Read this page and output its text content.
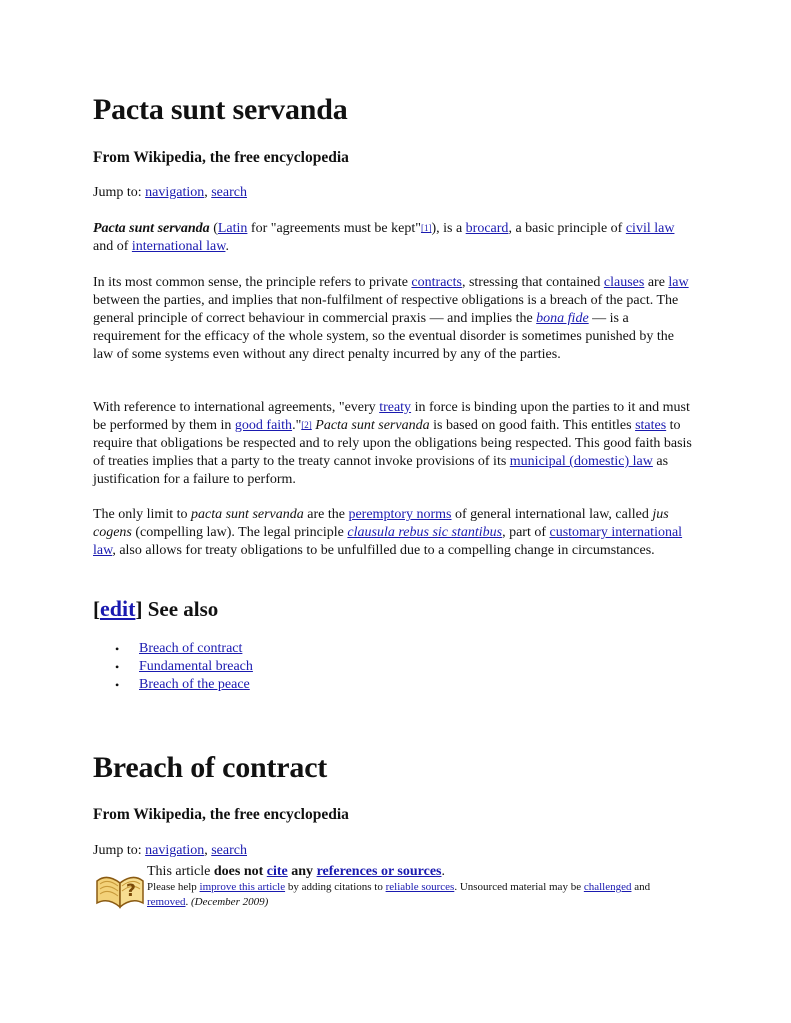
Pacta sunt servanda
From Wikipedia, the free encyclopedia
Jump to: navigation, search

Pacta sunt servanda (Latin for "agreements must be kept"[1]), is a brocard, a basic principle of civil law and of international law.

In its most common sense, the principle refers to private contracts, stressing that contained clauses are law between the parties, and implies that non-fulfilment of respective obligations is a breach of the pact. The general principle of correct behaviour in commercial praxis — and implies the bona fide — is a requirement for the efficacy of the whole system, so the eventual disorder is sometimes punished by the law of some systems even without any direct penalty incurred by any of the parties.

With reference to international agreements, "every treaty in force is binding upon the parties to it and must be performed by them in good faith."[2] Pacta sunt servanda is based on good faith. This entitles states to require that obligations be respected and to rely upon the obligations being respected. This good faith basis of treaties implies that a party to the treaty cannot invoke provisions of its municipal (domestic) law as justification for a failure to perform.

The only limit to pacta sunt servanda are the peremptory norms of general international law, called jus cogens (compelling law). The legal principle clausula rebus sic stantibus, part of customary international law, also allows for treaty obligations to be unfulfilled due to a compelling change in circumstances.

[edit] See also
• Breach of contract
• Fundamental breach
• Breach of the peace
Breach of contract
From Wikipedia, the free encyclopedia
Jump to: navigation, search
?
This article does not cite any references or sources.
Please help improve this article by adding citations to reliable sources. Unsourced material may be challenged and removed. (December 2009)
